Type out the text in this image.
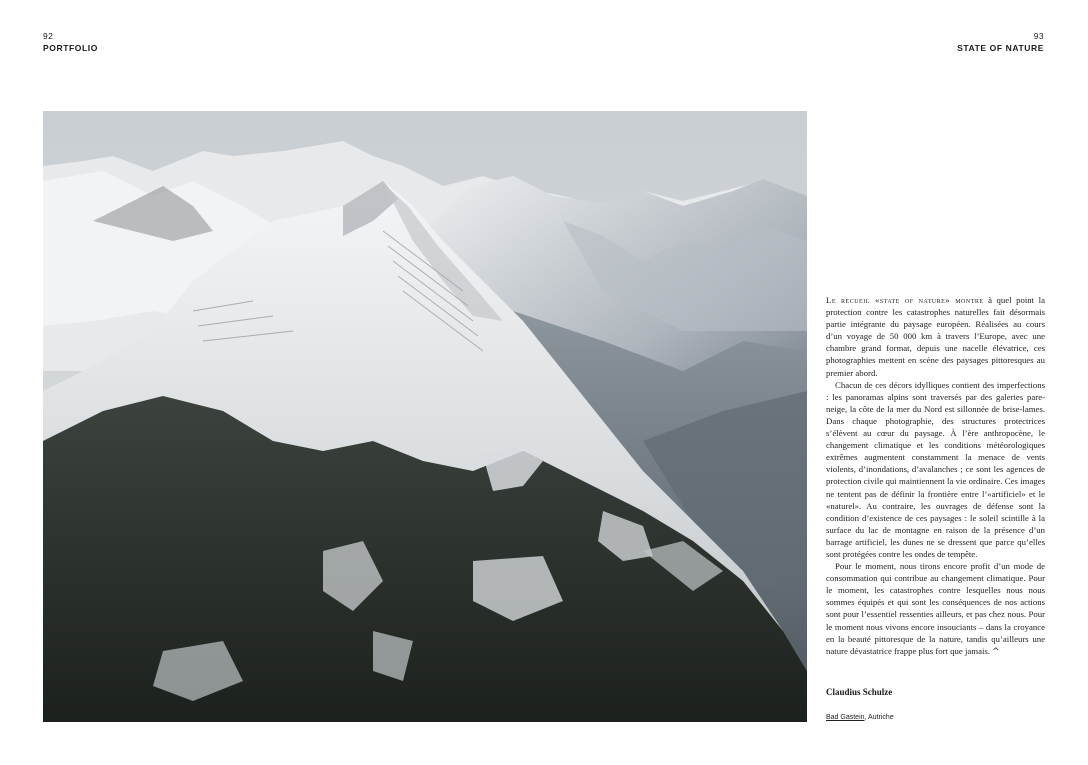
92
PORTFOLIO
93
STATE OF NATURE

Le recueil «state of nature» montre à quel point la protection contre les catastrophes naturelles fait désormais partie intégrante du paysage européen. Réalisées au cours d’un voyage de 50 000 km à travers l’Europe, avec une chambre grand format, depuis une nacelle élévatrice, ces photographies mettent en scène des paysages pittoresques au premier abord.

Chacun de ces décors idylliques contient des imperfections : les panoramas alpins sont traversés par des galeries pare-neige, la côte de la mer du Nord est sillonnée de brise-lames. Dans chaque photographie, des structures protectrices s’élèvent au cœur du paysage. À l’ère anthropocène, le changement climatique et les conditions météorologiques extrêmes augmentent constamment la menace de vents violents, d’inondations, d’avalanches ; ce sont les agences de protection civile qui maintiennent la vie ordinaire. Ces images ne tentent pas de définir la frontière entre l’«artificiel» et le «naturel». Au contraire, les ouvrages de défense sont la condition d’existence de ces paysages : le soleil scintille à la surface du lac de montagne en raison de la présence d’un barrage artificiel, les dunes ne se dressent que parce qu’elles sont protégées contre les ondes de tempête.

Pour le moment, nous tirons encore profit d’un mode de consommation qui contribue au changement climatique. Pour le moment, les catastrophes contre lesquelles nous nous sommes équipés et qui sont les conséquences de nos actions sont pour l’essentiel ressenties ailleurs, et pas chez nous. Pour le moment nous vivons encore insouciants – dans la croyance en la beauté pittoresque de la nature, tandis qu’ailleurs une nature dévastatrice frappe plus fort que jamais. ^

Claudius Schulze
Bad Gastein, Autriche
